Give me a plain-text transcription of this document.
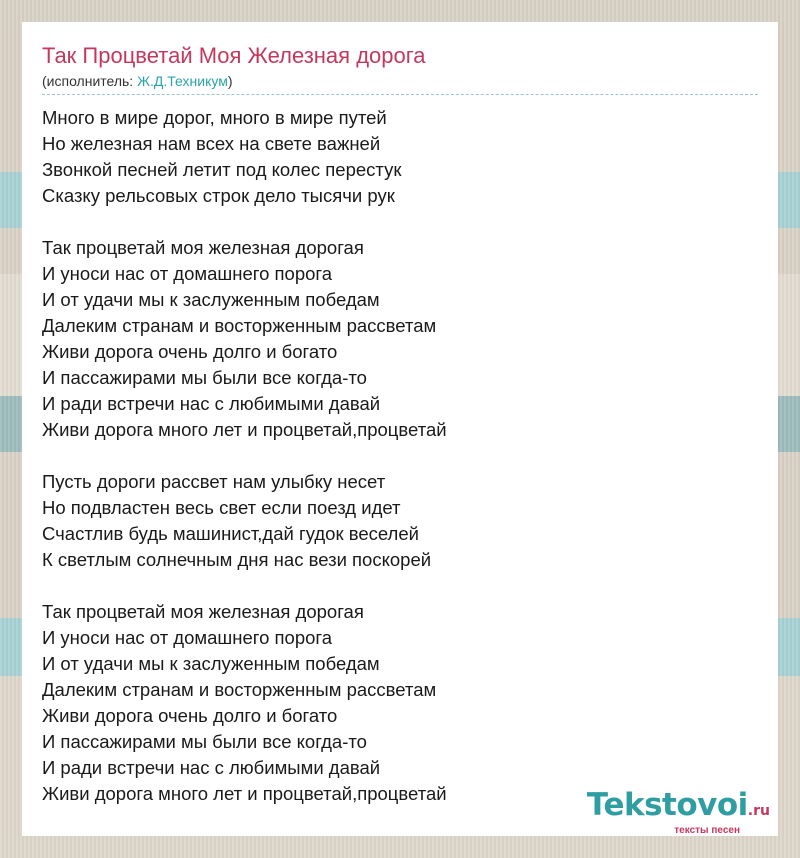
Так Процветай Моя Железная дорога
(исполнитель: Ж.Д.Техникум)
Много в мире дорог, много в мире путей
Но железная нам всех на свете важней
Звонкой песней летит под колес перестук
Сказку рельсовых строк дело тысячи рук
Так процветай моя железная дорогая
И уноси нас от домашнего порога
И от удачи мы к заслуженным победам
Далеким странам и восторженным рассветам
Живи дорога очень долго и богато
И пассажирами мы были все когда-то
И ради встречи нас с любимыми давай
Живи дорога много лет и процветай,процветай
Пусть дороги рассвет нам улыбку несет
Но подвластен весь свет если поезд идет
Счастлив будь машинист,дай гудок веселей
К светлым солнечным дня нас вези поскорей
Так процветай моя железная дорогая
И уноси нас от домашнего порога
И от удачи мы к заслуженным победам
Далеким странам и восторженным рассветам
Живи дорога очень долго и богато
И пассажирами мы были все когда-то
И ради встречи нас с любимыми давай
Живи дорога много лет и процветай,процветай	Tekstovoi.ru
тексты песен
